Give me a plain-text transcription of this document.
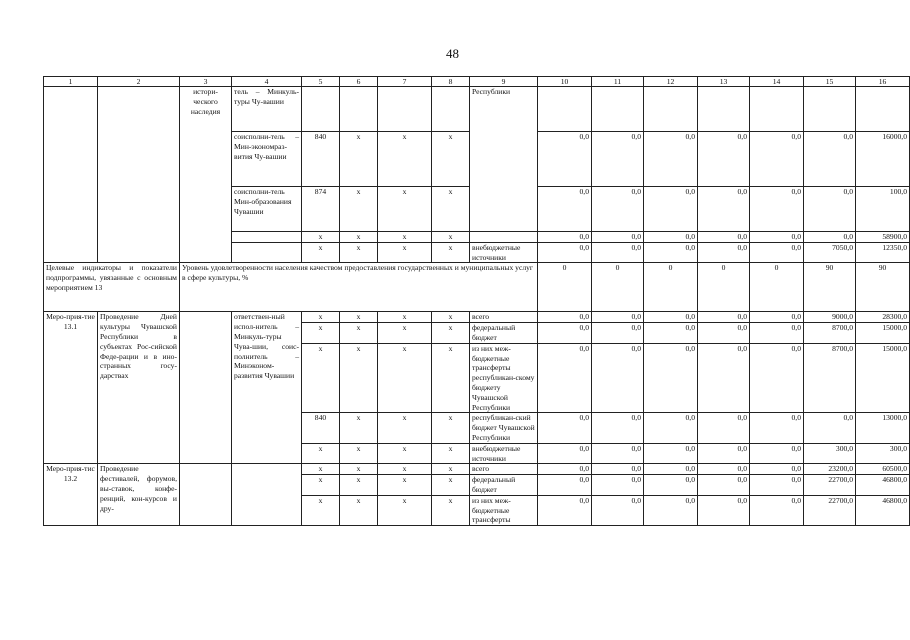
48
1	2	3	4	5	6	7	8	9	10	11	12	13	14	15	16
		истори-ческого наследия	тель – Минкуль-туры Чу-вашии					Республики							
			соисполни-тель – Мин-экономраз-вития Чу-вашии	840	x	x	x		0,0	0,0	0,0	0,0	0,0	0,0	16000,0
			соисполни-тель Мин-образования Чувашии	874	x	x	x		0,0	0,0	0,0	0,0	0,0	0,0	100,0
				x	x	x	x		0,0	0,0	0,0	0,0	0,0	0,0	58900,0
				x	x	x	x	внебюджетные источники	0,0	0,0	0,0	0,0	0,0	7050,0	12350,0
Целевые индикаторы и показатели подпрограммы, увязанные с основным мероприятием 13		Уровень удовлетворенности населения качеством предоставления государственных и муниципальных услуг в сфере культуры, %							0	0	0	0	0	90	90
Меро-прия-тие 13.1	Проведение Дней культуры Чувашской Республики в субъектах Рос-сийской Феде-рации и в ино-странных госу-дарствах		ответствен-ный испол-нитель – Минкуль-туры Чува-шии, соис-полнитель – Минэконом-развития Чувашии	x	x	x	x	всего	0,0	0,0	0,0	0,0	0,0	9000,0	28300,0
				x	x	x	x	федеральный бюджет	0,0	0,0	0,0	0,0	0,0	8700,0	15000,0
				x	x	x	x	из них меж-бюджетные трансферты республикан-скому бюджету Чувашской Республики	0,0	0,0	0,0	0,0	0,0	8700,0	15000,0
				840	x	x	x	республикан-ский бюджет Чувашской Республики	0,0	0,0	0,0	0,0	0,0	0,0	13000,0
				x	x	x	x	внебюджетные источники	0,0	0,0	0,0	0,0	0,0	300,0	300,0
Меро-прия-тис 13.2	Проведение фестивалей, форумов, вы-ставок, конфе-ренций, кон-курсов и дру-			x	x	x	x	всего	0,0	0,0	0,0	0,0	0,0	23200,0	60500,0
				x	x	x	x	федеральный бюджет	0,0	0,0	0,0	0,0	0,0	22700,0	46800,0
				x	x	x	x	из них меж-бюджетные трансферты	0,0	0,0	0,0	0,0	0,0	22700,0	46800,0
